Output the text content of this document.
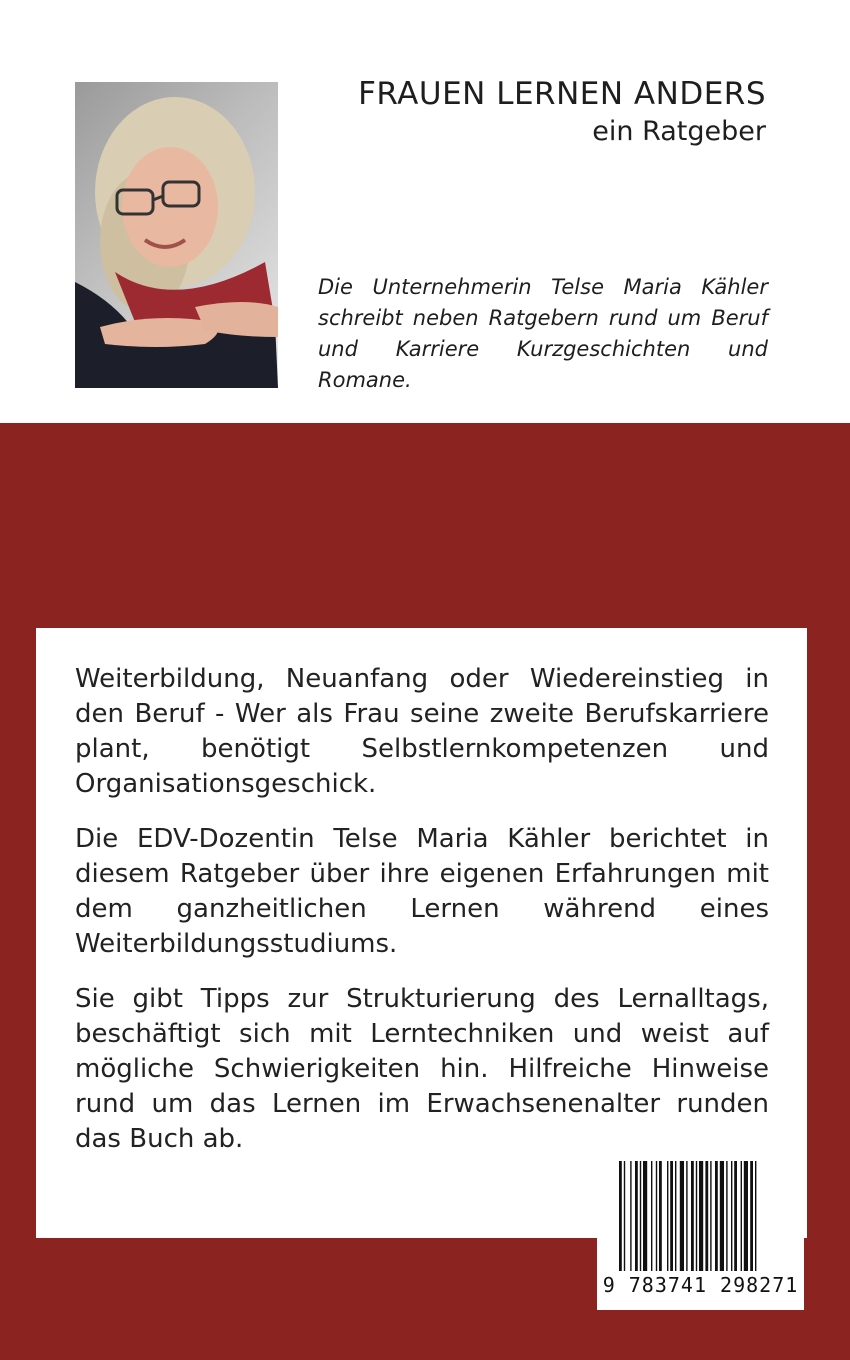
FRAUEN LERNEN ANDERS
ein Ratgeber

Die Unternehmerin Telse Maria Kähler schreibt neben Ratgebern rund um Beruf und Karriere Kurzgeschichten und Romane.

Weiterbildung, Neuanfang oder Wiedereinstieg in den Beruf - Wer als Frau seine zweite Berufskarriere plant, benötigt Selbstlernkompetenzen und Organisationsgeschick.

Die EDV-Dozentin Telse Maria Kähler berichtet in diesem Ratgeber über ihre eigenen Erfahrungen mit dem ganzheitlichen Lernen während eines Weiterbildungsstudiums.

Sie gibt Tipps zur Strukturierung des Lernalltags, beschäftigt sich mit Lerntechniken und weist auf mögliche Schwierigkeiten hin. Hilfreiche Hinweise rund um das Lernen im Erwachsenenalter runden das Buch ab.

9 783741 298271
